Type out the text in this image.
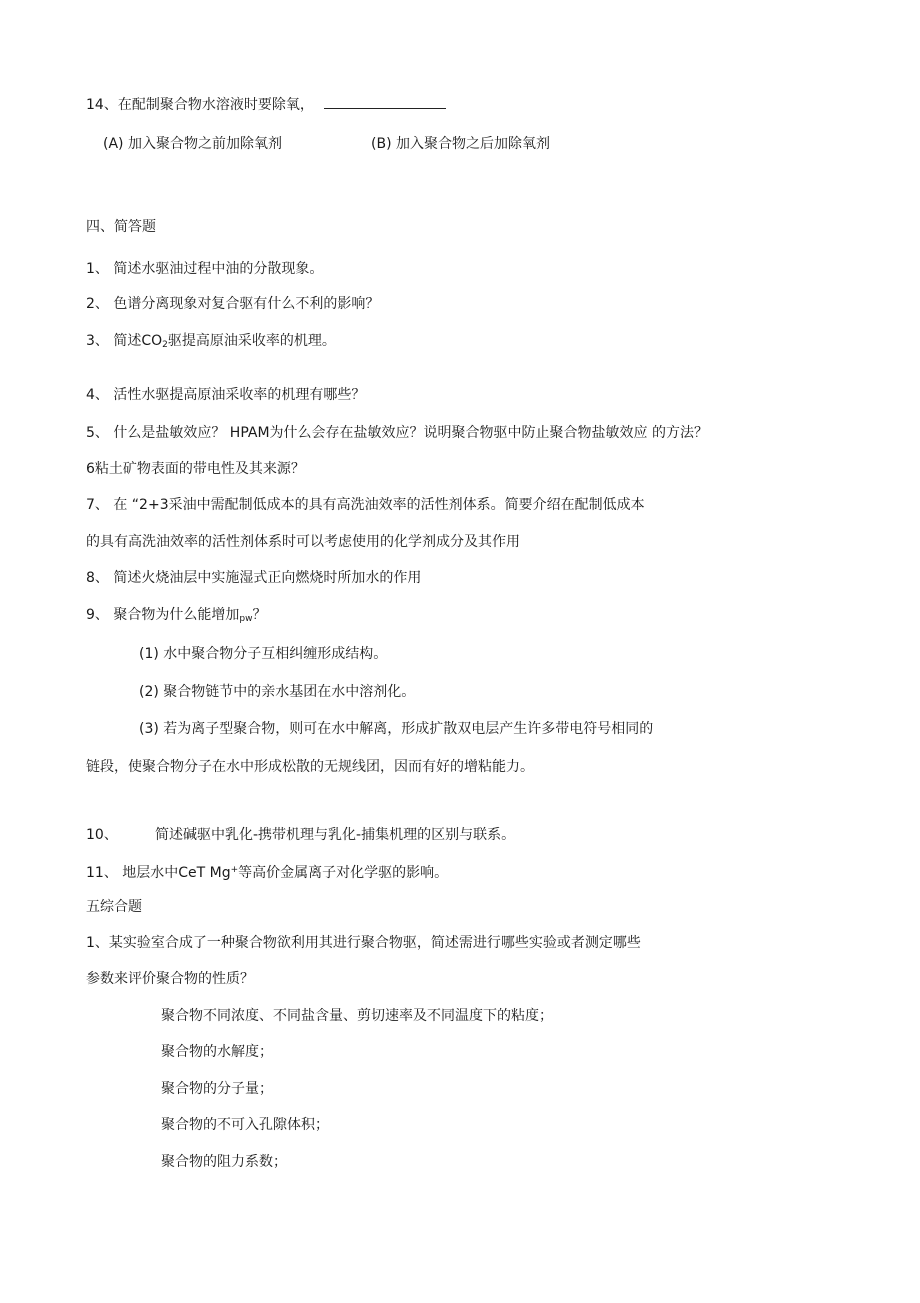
14、在配制聚合物水溶液时要除氧，
(A) 加入聚合物之前加除氧剂	(B) 加入聚合物之后加除氧剂
四、简答题
1、 简述水驱油过程中油的分散现象。
2、 色谱分离现象对复合驱有什么不利的影响？
3、 简述$CO_2$驱提高原油采收率的机理。
4、 活性水驱提高原油采收率的机理有哪些？
5、 什么是盐敏效应？ HPAM为什么会存在盐敏效应？说明聚合物驱中防止聚合物盐敏效应 的方法？
6粘土矿物表面的带电性及其来源？
7、 在 “2+3采油中需配制低成本的具有高洗油效率的活性剂体系。简要介绍在配制低成本
的具有高洗油效率的活性剂体系时可以考虑使用的化学剂成分及其作用
8、 简述火烧油层中实施湿式正向燃烧时所加水的作用
9、 聚合物为什么能增加$_{pw}$？
(1) 水中聚合物分子互相纠缠形成结构。
(2) 聚合物链节中的亲水基团在水中溶剂化。
(3) 若为离子型聚合物，则可在水中解离，形成扩散双电层产生许多带电符号相同的
链段，使聚合物分子在水中形成松散的无规线团，因而有好的增粘能力。
10、	简述碱驱中乳化-携带机理与乳化-捕集机理的区别与联系。
11、 地层水中CeT Mg+等高价金属离子对化学驱的影响。
五综合题
1、某实验室合成了一种聚合物欲利用其进行聚合物驱，简述需进行哪些实验或者测定哪些
参数来评价聚合物的性质？
聚合物不同浓度、不同盐含量、剪切速率及不同温度下的粘度；
聚合物的水解度；
聚合物的分子量；
聚合物的不可入孔隙体积；
聚合物的阻力系数；
